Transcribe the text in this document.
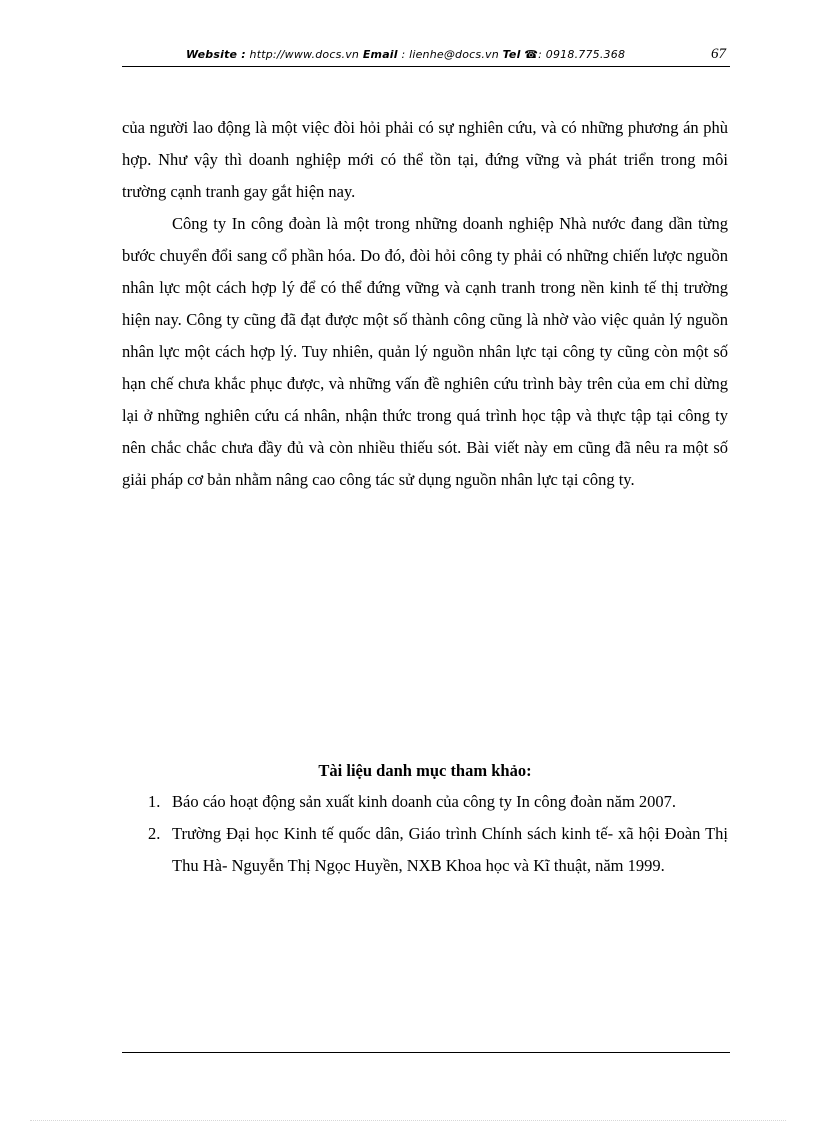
Website : http://www.docs.vn Email : lienhe@docs.vn Tel ☎: 0918.775.368	67

của người lao động là một việc đòi hỏi phải có sự nghiên cứu, và có những phương án phù hợp. Như vậy thì doanh nghiệp mới có thể tồn tại, đứng vững và phát triển trong môi trường cạnh tranh gay gắt hiện nay.

Công ty In công đoàn là một trong những doanh nghiệp Nhà nước đang dần từng bước chuyển đổi sang cổ phần hóa. Do đó, đòi hỏi công ty phải có những chiến lược nguồn nhân lực một cách hợp lý để có thể đứng vững và cạnh tranh trong nền kinh tế thị trường hiện nay. Công ty cũng đã đạt được một số thành công cũng là nhờ vào việc quản lý nguồn nhân lực một cách hợp lý. Tuy nhiên, quản lý nguồn nhân lực tại công ty cũng còn một số hạn chế chưa khắc phục được, và những vấn đề nghiên cứu trình bày trên của em chỉ dừng lại ở những nghiên cứu cá nhân, nhận thức trong quá trình học tập và thực tập tại công ty nên chắc chắc chưa đầy đủ và còn nhiều thiếu sót. Bài viết này em cũng đã nêu ra một số giải pháp cơ bản nhằm nâng cao công tác sử dụng nguồn nhân lực tại công ty.

Tài liệu danh mục tham khảo:
1. Báo cáo hoạt động sản xuất kinh doanh của công ty In công đoàn năm 2007.
2. Trường Đại học Kinh tế quốc dân, Giáo trình Chính sách kinh tế- xã hội Đoàn Thị Thu Hà- Nguyễn Thị Ngọc Huyền, NXB Khoa học và Kĩ thuật, năm 1999.
